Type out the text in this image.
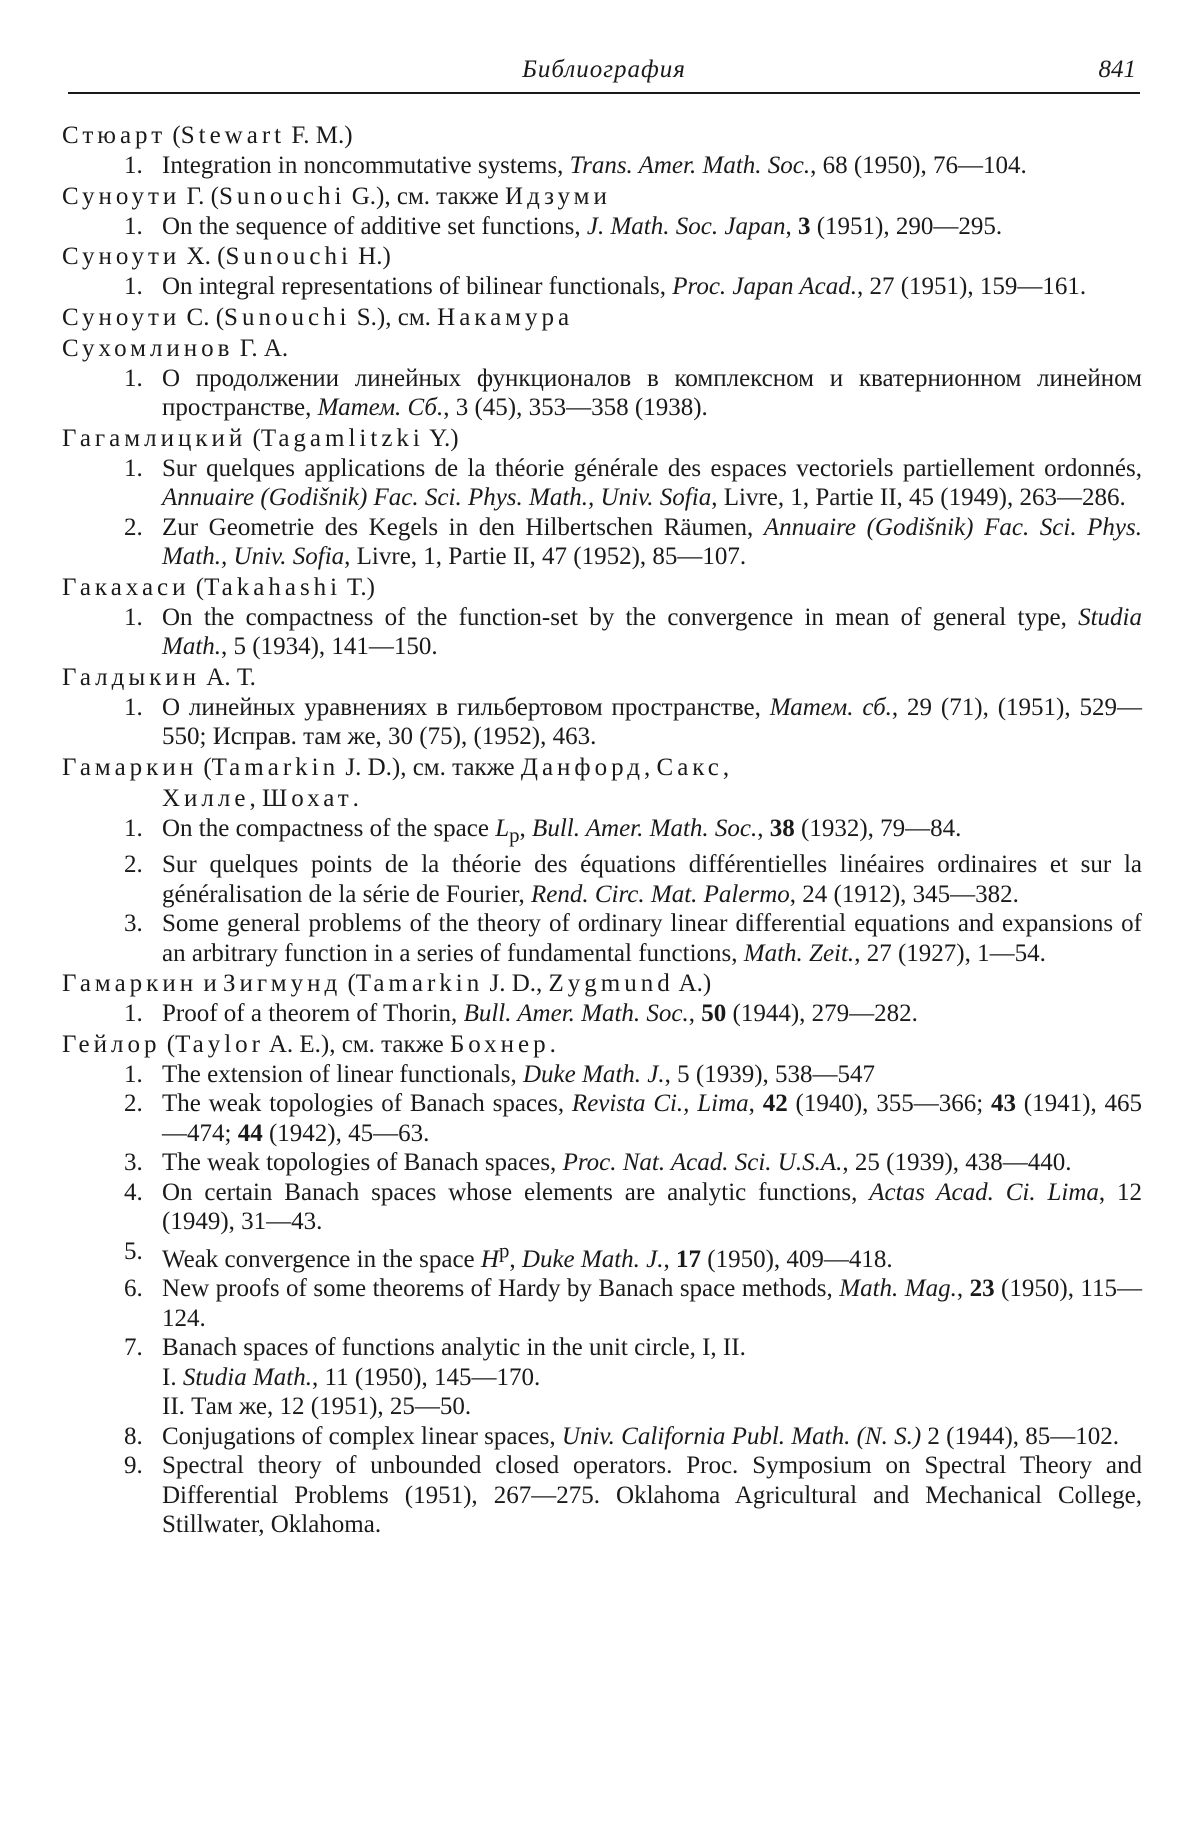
Библиография	841
Стюарт (Stewart F. M.)
1. Integration in noncommutative systems, Trans. Amer. Math. Soc., 68 (1950), 76—104.
Суноути Г. (Sunouchi G.), см. также Идзуми
1. On the sequence of additive set functions, J. Math. Soc. Japan, 3 (1951), 290—295.
Суноути X. (Sunouchi H.)
1. On integral representations of bilinear functionals, Proc. Japan Acad., 27 (1951), 159—161.
Суноути С. (Sunouchi S.), см. Накамура
Сухомлинов Г. А.
1. О продолжении линейных функционалов в комплексном и кватернионном линейном пространстве, Матем. Сб., 3 (45), 353—358 (1938).
Гагамлицкий (Tagamlitzki Y.)
1. Sur quelques applications de la théorie générale des espaces vectoriels partiellement ordonnés, Annuaire (Godišnik) Fac. Sci. Phys. Math., Univ. Sofia, Livre, 1, Partie II, 45 (1949), 263—286.
2. Zur Geometrie des Kegels in den Hilbertschen Räumen, Annuaire (Godišnik) Fac. Sci. Phys. Math., Univ. Sofia, Livre, 1, Partie II, 47 (1952), 85—107.
Гакахаси (Takahashi T.)
1. On the compactness of the function-set by the convergence in mean of general type, Studia Math., 5 (1934), 141—150.
Галдыкин А. Т.
1. О линейных уравнениях в гильбертовом пространстве, Матем. сб., 29 (71), (1951), 529—550; Исправ. там же, 30 (75), (1952), 463.
Гамаркин (Tamarkin J. D.), см. также Данфорд, Сакс,
Хилле, Шохат.
1. On the compactness of the space $L_p$, Bull. Amer. Math. Soc., 38 (1932), 79—84.
2. Sur quelques points de la théorie des équations différentielles linéaires ordinaires et sur la généralisation de la série de Fourier, Rend. Circ. Mat. Palermo, 24 (1912), 345—382.
3. Some general problems of the theory of ordinary linear differential equations and expansions of an arbitrary function in a series of fundamental functions, Math. Zeit., 27 (1927), 1—54.
Гамаркин и Зигмунд (Tamarkin J. D., Zygmund A.)
1. Proof of a theorem of Thorin, Bull. Amer. Math. Soc., 50 (1944), 279—282.
Гейлор (Taylor A. E.), см. также Бохнер.
1. The extension of linear functionals, Duke Math. J., 5 (1939), 538—547
2. The weak topologies of Banach spaces, Revista Ci., Lima, 42 (1940), 355—366; 43 (1941), 465—474; 44 (1942), 45—63.
3. The weak topologies of Banach spaces, Proc. Nat. Acad. Sci. U.S.A., 25 (1939), 438—440.
4. On certain Banach spaces whose elements are analytic functions, Actas Acad. Ci. Lima, 12 (1949), 31—43.
5. Weak convergence in the space $H^p$, Duke Math. J., 17 (1950), 409—418.
6. New proofs of some theorems of Hardy by Banach space methods, Math. Mag., 23 (1950), 115—124.
7. Banach spaces of functions analytic in the unit circle, I, II.
I. Studia Math., 11 (1950), 145—170.
II. Там же, 12 (1951), 25—50.
8. Conjugations of complex linear spaces, Univ. California Publ. Math. (N. S.) 2 (1944), 85—102.
9. Spectral theory of unbounded closed operators. Proc. Symposium on Spectral Theory and Differential Problems (1951), 267—275. Oklahoma Agricultural and Mechanical College, Stillwater, Oklahoma.
